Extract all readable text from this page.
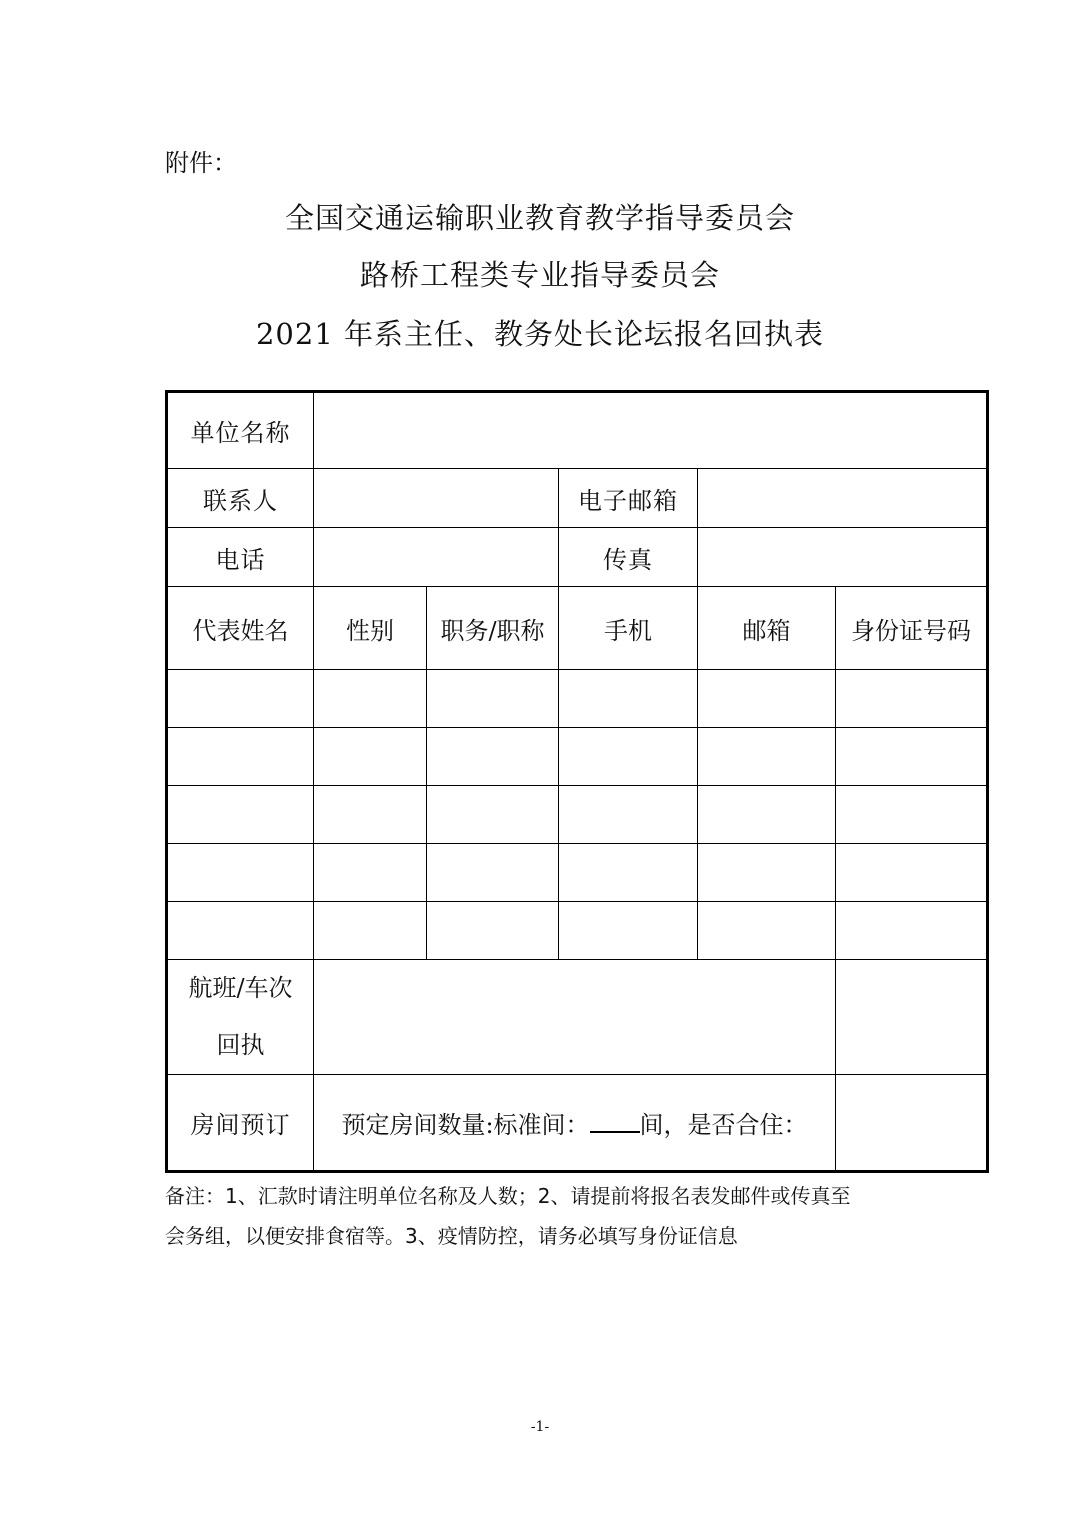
附件：
全国交通运输职业教育教学指导委员会
路桥工程类专业指导委员会
2021 年系主任、教务处长论坛报名回执表
单位名称					
联系人			电子邮箱		
电话			传真		
代表姓名	性别	职务/职称	手机	邮箱	身份证号码

航班/车次
回执					

房间预订	预定房间数量:标准间： 间，是否合住：				
备注：1、汇款时请注明单位名称及人数；2、请提前将报名表发邮件或传真至
会务组，以便安排食宿等。3、疫情防控，请务必填写身份证信息
-1-
